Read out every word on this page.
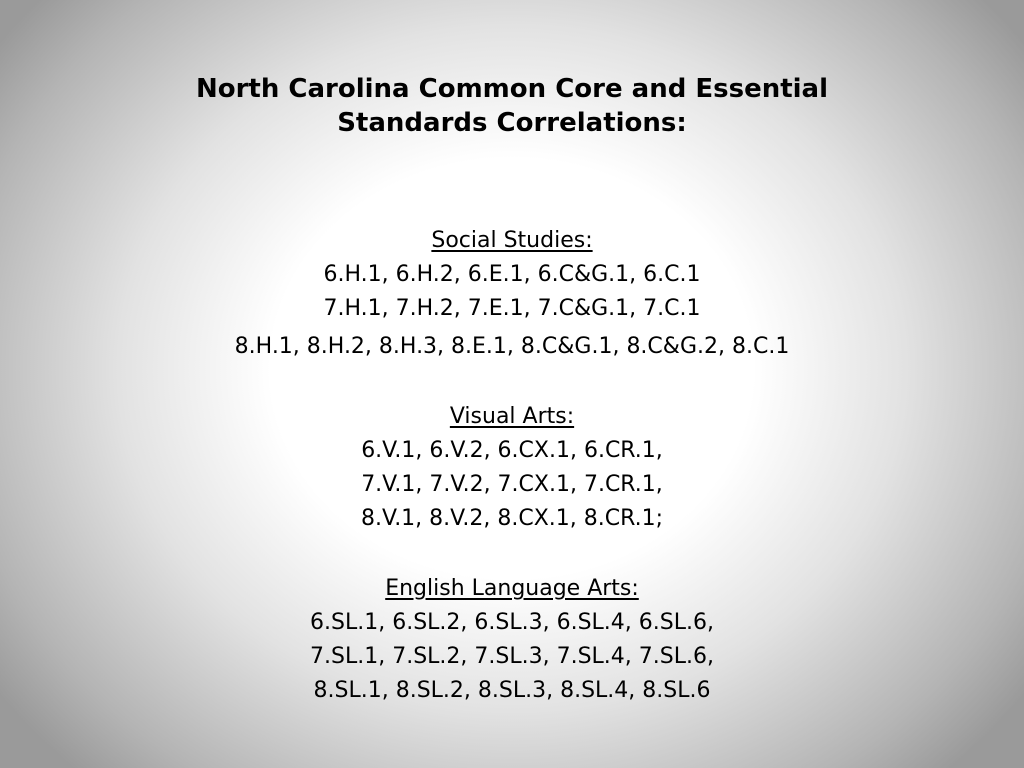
North Carolina Common Core and Essential
Standards Correlations:
Social Studies:
6.H.1, 6.H.2, 6.E.1, 6.C&G.1, 6.C.1
7.H.1, 7.H.2, 7.E.1, 7.C&G.1, 7.C.1
8.H.1, 8.H.2, 8.H.3, 8.E.1, 8.C&G.1, 8.C&G.2, 8.C.1
Visual Arts:
6.V.1, 6.V.2, 6.CX.1, 6.CR.1,
7.V.1, 7.V.2, 7.CX.1, 7.CR.1,
8.V.1, 8.V.2, 8.CX.1, 8.CR.1;
English Language Arts:
6.SL.1, 6.SL.2, 6.SL.3, 6.SL.4, 6.SL.6,
7.SL.1, 7.SL.2, 7.SL.3, 7.SL.4, 7.SL.6,
8.SL.1, 8.SL.2, 8.SL.3, 8.SL.4, 8.SL.6
